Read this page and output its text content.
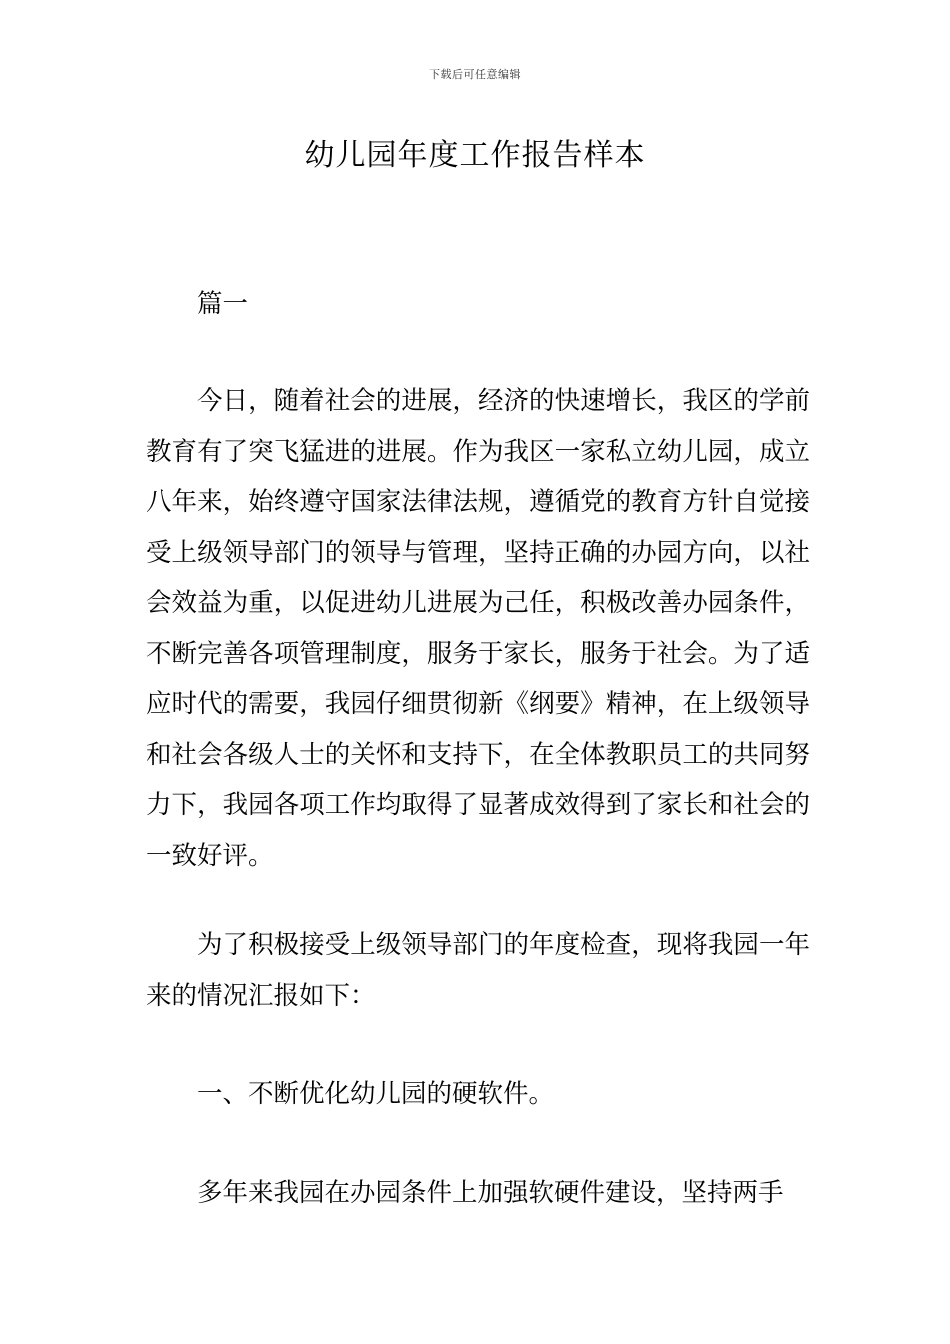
下载后可任意编辑
幼儿园年度工作报告样本

篇一

今日，随着社会的进展，经济的快速增长，我区的学前教育有了突飞猛进的进展。作为我区一家私立幼儿园，成立八年来，始终遵守国家法律法规，遵循党的教育方针自觉接受上级领导部门的领导与管理，坚持正确的办园方向，以社会效益为重，以促进幼儿进展为己任，积极改善办园条件，不断完善各项管理制度，服务于家长，服务于社会。为了适应时代的需要，我园仔细贯彻新《纲要》精神，在上级领导和社会各级人士的关怀和支持下，在全体教职员工的共同努力下，我园各项工作均取得了显著成效得到了家长和社会的一致好评。

为了积极接受上级领导部门的年度检查，现将我园一年来的情况汇报如下：

一、不断优化幼儿园的硬软件。

多年来我园在办园条件上加强软硬件建设，坚持两手
